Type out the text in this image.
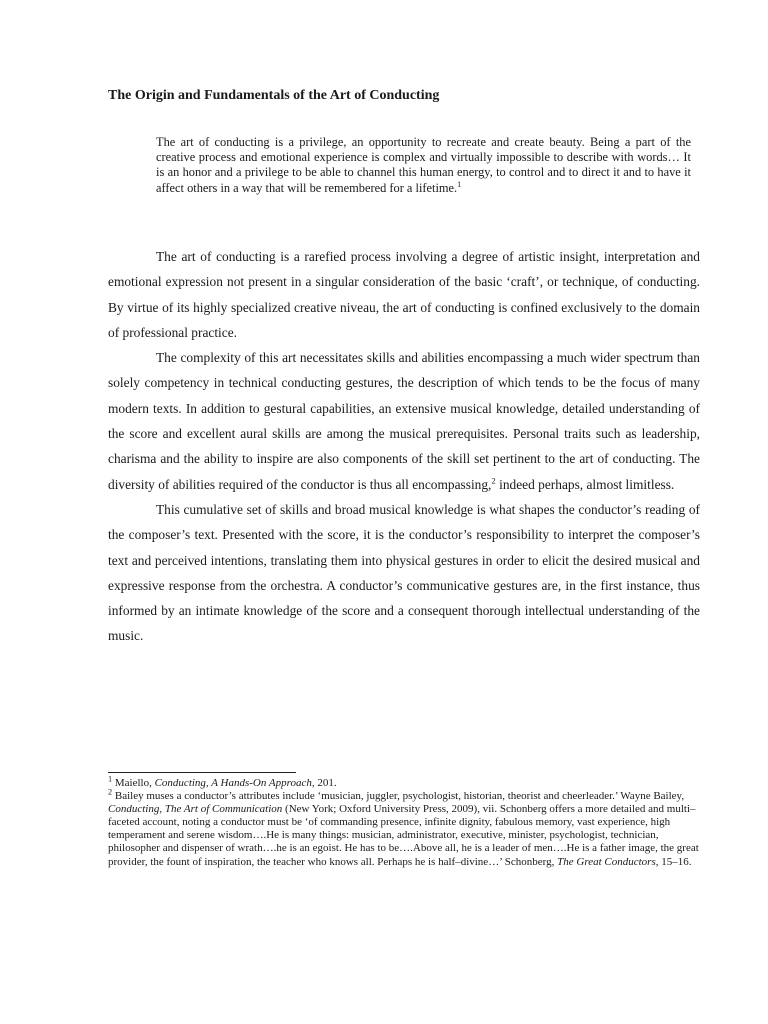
The Origin and Fundamentals of the Art of Conducting
The art of conducting is a privilege, an opportunity to recreate and create beauty. Being a part of the creative process and emotional experience is complex and virtually impossible to describe with words… It is an honor and a privilege to be able to channel this human energy, to control and to direct it and to have it affect others in a way that will be remembered for a lifetime.$^1$

The art of conducting is a rarefied process involving a degree of artistic insight, interpretation and emotional expression not present in a singular consideration of the basic ‘craft’, or technique, of conducting. By virtue of its highly specialized creative niveau, the art of conducting is confined exclusively to the domain of professional practice.

The complexity of this art necessitates skills and abilities encompassing a much wider spectrum than solely competency in technical conducting gestures, the description of which tends to be the focus of many modern texts. In addition to gestural capabilities, an extensive musical knowledge, detailed understanding of the score and excellent aural skills are among the musical prerequisites. Personal traits such as leadership, charisma and the ability to inspire are also components of the skill set pertinent to the art of conducting. The diversity of abilities required of the conductor is thus all encompassing,$^2$ indeed perhaps, almost limitless.

This cumulative set of skills and broad musical knowledge is what shapes the conductor’s reading of the composer’s text. Presented with the score, it is the conductor’s responsibility to interpret the composer’s text and perceived intentions, translating them into physical gestures in order to elicit the desired musical and expressive response from the orchestra. A conductor’s communicative gestures are, in the first instance, thus informed by an intimate knowledge of the score and a consequent thorough intellectual understanding of the music.

$^1$ Maiello, Conducting, A Hands-On Approach, 201.

$^2$ Bailey muses a conductor’s attributes include ‘musician, juggler, psychologist, historian, theorist and cheerleader.’ Wayne Bailey, Conducting, The Art of Communication (New York; Oxford University Press, 2009), vii. Schonberg offers a more detailed and multi–faceted account, noting a conductor must be ‘of commanding presence, infinite dignity, fabulous memory, vast experience, high temperament and serene wisdom….He is many things: musician, administrator, executive, minister, psychologist, technician, philosopher and dispenser of wrath….he is an egoist. He has to be….Above all, he is a leader of men….He is a father image, the great provider, the fount of inspiration, the teacher who knows all. Perhaps he is half–divine…’ Schonberg, The Great Conductors, 15–16.
